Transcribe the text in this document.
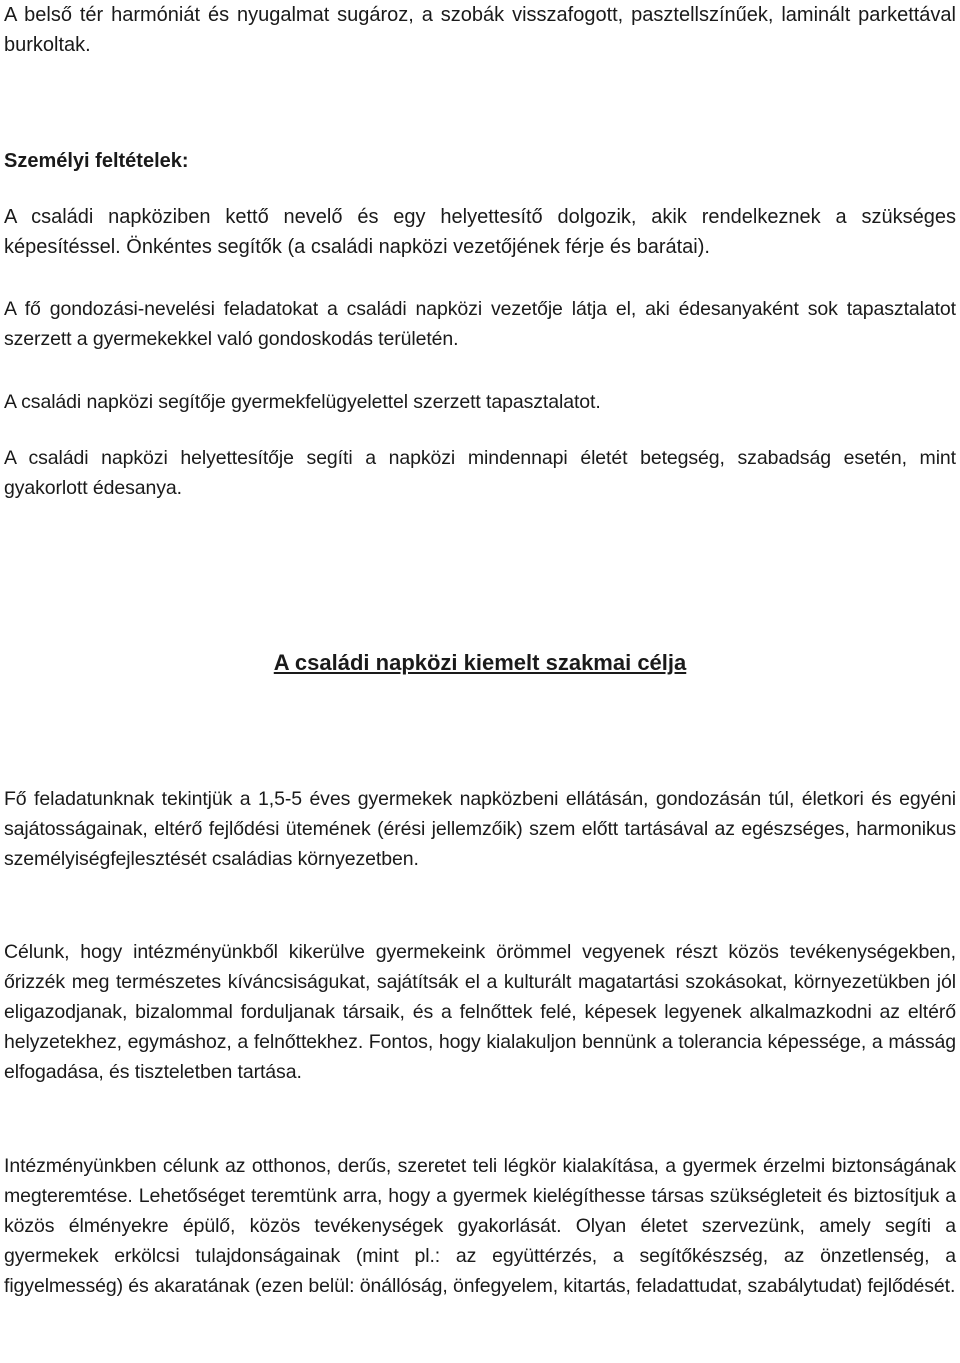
A belső tér harmóniát és nyugalmat sugároz, a szobák visszafogott, pasztellszínűek, laminált parkettával burkoltak.

Személyi feltételek:

A családi napköziben kettő nevelő és egy helyettesítő dolgozik, akik rendelkeznek a szükséges képesítéssel. Önkéntes segítők (a családi napközi vezetőjének férje és barátai).

A fő gondozási-nevelési feladatokat a családi napközi vezetője látja el, aki édesanyaként sok tapasztalatot szerzett a gyermekekkel való gondoskodás területén.

A családi napközi segítője gyermekfelügyelettel szerzett tapasztalatot.

A családi napközi helyettesítője segíti a napközi mindennapi életét betegség, szabadság esetén, mint gyakorlott édesanya.

A családi napközi kiemelt szakmai célja

Fő feladatunknak tekintjük a 1,5-5 éves gyermekek napközbeni ellátásán, gondozásán túl, életkori és egyéni sajátosságainak, eltérő fejlődési ütemének (érési jellemzőik) szem előtt tartásával az egészséges, harmonikus személyiségfejlesztését családias környezetben.

Célunk, hogy intézményünkből kikerülve gyermekeink örömmel vegyenek részt közös tevékenységekben, őrizzék meg természetes kíváncsiságukat, sajátítsák el a kulturált magatartási szokásokat, környezetükben jól eligazodjanak, bizalommal forduljanak társaik, és a felnőttek felé, képesek legyenek alkalmazkodni az eltérő helyzetekhez, egymáshoz, a felnőttekhez. Fontos, hogy kialakuljon bennünk a tolerancia képessége, a másság elfogadása, és tiszteletben tartása.

Intézményünkben célunk az otthonos, derűs, szeretet teli légkör kialakítása, a gyermek érzelmi biztonságának megteremtése. Lehetőséget teremtünk arra, hogy a gyermek kielégíthesse társas szükségleteit és biztosítjuk a közös élményekre épülő, közös tevékenységek gyakorlását. Olyan életet szervezünk, amely segíti a gyermekek erkölcsi tulajdonságainak (mint pl.: az együttérzés, a segítőkészség, az önzetlenség, a figyelmesség) és akaratának (ezen belül: önállóság, önfegyelem, kitartás, feladattudat, szabálytudat) fejlődését.
